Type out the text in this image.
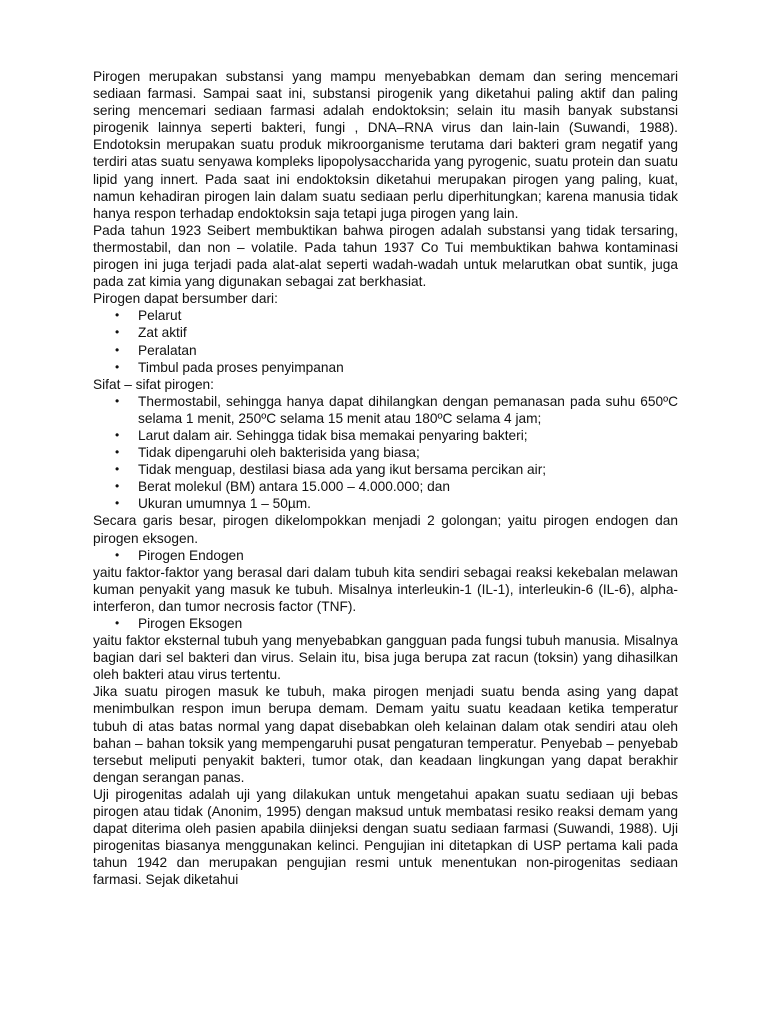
Pirogen merupakan substansi yang mampu menyebabkan demam dan sering mencemari sediaan farmasi. Sampai saat ini, substansi pirogenik yang diketahui paling aktif dan paling sering mencemari sediaan farmasi adalah endoktoksin; selain itu masih banyak substansi pirogenik lainnya seperti bakteri, fungi , DNA–RNA virus dan lain-lain (Suwandi, 1988). Endotoksin merupakan suatu produk mikroorganisme terutama dari bakteri gram negatif yang terdiri atas suatu senyawa kompleks lipopolysaccharida yang pyrogenic, suatu protein dan suatu lipid yang innert. Pada saat ini endoktoksin diketahui merupakan pirogen yang paling, kuat, namun kehadiran pirogen lain dalam suatu sediaan perlu diperhitungkan; karena manusia tidak hanya respon terhadap endoktoksin saja tetapi juga pirogen yang lain.

Pada tahun 1923 Seibert membuktikan bahwa pirogen adalah substansi yang tidak tersaring, thermostabil, dan non – volatile. Pada tahun 1937 Co Tui membuktikan bahwa kontaminasi pirogen ini juga terjadi pada alat-alat seperti wadah-wadah untuk melarutkan obat suntik, juga pada zat kimia yang digunakan sebagai zat berkhasiat.

Pirogen dapat bersumber dari:

• Pelarut
• Zat aktif
• Peralatan
• Timbul pada proses penyimpanan

Sifat – sifat pirogen:

• Thermostabil, sehingga hanya dapat dihilangkan dengan pemanasan pada suhu 650ºC selama 1 menit, 250ºC selama 15 menit atau 180ºC selama 4 jam;
• Larut dalam air. Sehingga tidak bisa memakai penyaring bakteri;
• Tidak dipengaruhi oleh bakterisida yang biasa;
• Tidak menguap, destilasi biasa ada yang ikut bersama percikan air;
• Berat molekul (BM) antara 15.000 – 4.000.000; dan
• Ukuran umumnya 1 – 50µm.

Secara garis besar, pirogen dikelompokkan menjadi 2 golongan; yaitu pirogen endogen dan pirogen eksogen.

• Pirogen Endogen

yaitu faktor-faktor yang berasal dari dalam tubuh kita sendiri sebagai reaksi kekebalan melawan kuman penyakit yang masuk ke tubuh. Misalnya interleukin-1 (IL-1), interleukin-6 (IL-6), alpha-interferon, dan tumor necrosis factor (TNF).

• Pirogen Eksogen

yaitu faktor eksternal tubuh yang menyebabkan gangguan pada fungsi tubuh manusia. Misalnya bagian dari sel bakteri dan virus. Selain itu, bisa juga berupa zat racun (toksin) yang dihasilkan oleh bakteri atau virus tertentu.

Jika suatu pirogen masuk ke tubuh, maka pirogen menjadi suatu benda asing yang dapat menimbulkan respon imun berupa demam. Demam yaitu suatu keadaan ketika temperatur tubuh di atas batas normal yang dapat disebabkan oleh kelainan dalam otak sendiri atau oleh bahan – bahan toksik yang mempengaruhi pusat pengaturan temperatur. Penyebab – penyebab tersebut meliputi penyakit bakteri, tumor otak, dan keadaan lingkungan yang dapat berakhir dengan serangan panas.

Uji pirogenitas adalah uji yang dilakukan untuk mengetahui apakan suatu sediaan uji bebas pirogen atau tidak (Anonim, 1995) dengan maksud untuk membatasi resiko reaksi demam yang dapat diterima oleh pasien apabila diinjeksi dengan suatu sediaan farmasi (Suwandi, 1988). Uji pirogenitas biasanya menggunakan kelinci. Pengujian ini ditetapkan di USP pertama kali pada tahun 1942 dan merupakan pengujian resmi untuk menentukan non-pirogenitas sediaan farmasi. Sejak diketahui
